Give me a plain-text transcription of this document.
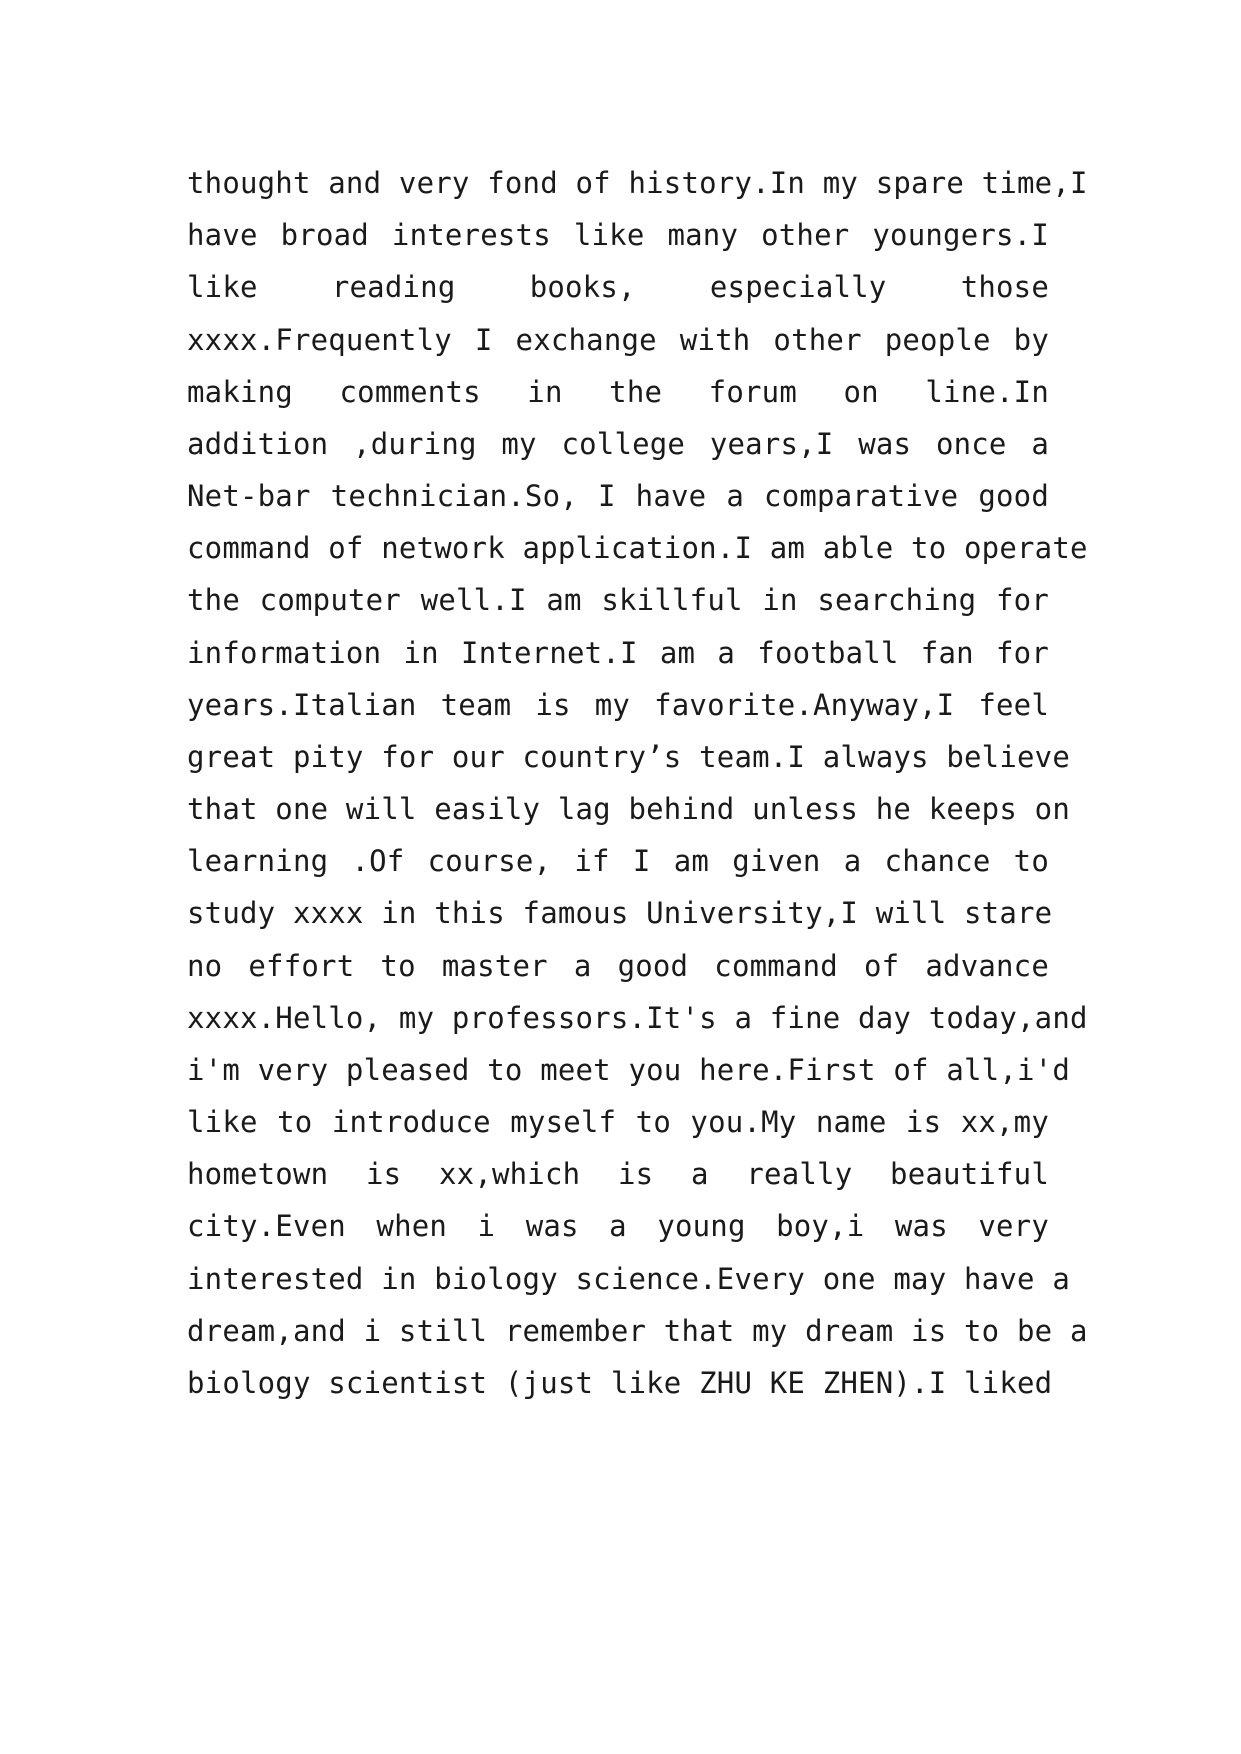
thought and very fond of history.In my spare time,I
have broad interests like many other youngers.I
like reading books, especially those
xxxx.Frequently I exchange with other people by
making comments in the forum on line.In
addition ,during my college years,I was once a
Net-bar technician.So, I have a comparative good
command of network application.I am able to operate
the computer well.I am skillful in searching for
information in Internet.I am a football fan for
years.Italian team is my favorite.Anyway,I feel
great pity for our country’s team.I always believe
that one will easily lag behind unless he keeps on
learning .Of course, if I am given a chance to
study xxxx in this famous University,I will stare
no effort to master a good command of advance
xxxx.Hello, my professors.It's a fine day today,and
i'm very pleased to meet you here.First of all,i'd
like to introduce myself to you.My name is xx,my
hometown is xx,which is a really beautiful
city.Even when i was a young boy,i was very
interested in biology science.Every one may have a
dream,and i still remember that my dream is to be a
biology scientist (just like ZHU KE ZHEN).I liked
